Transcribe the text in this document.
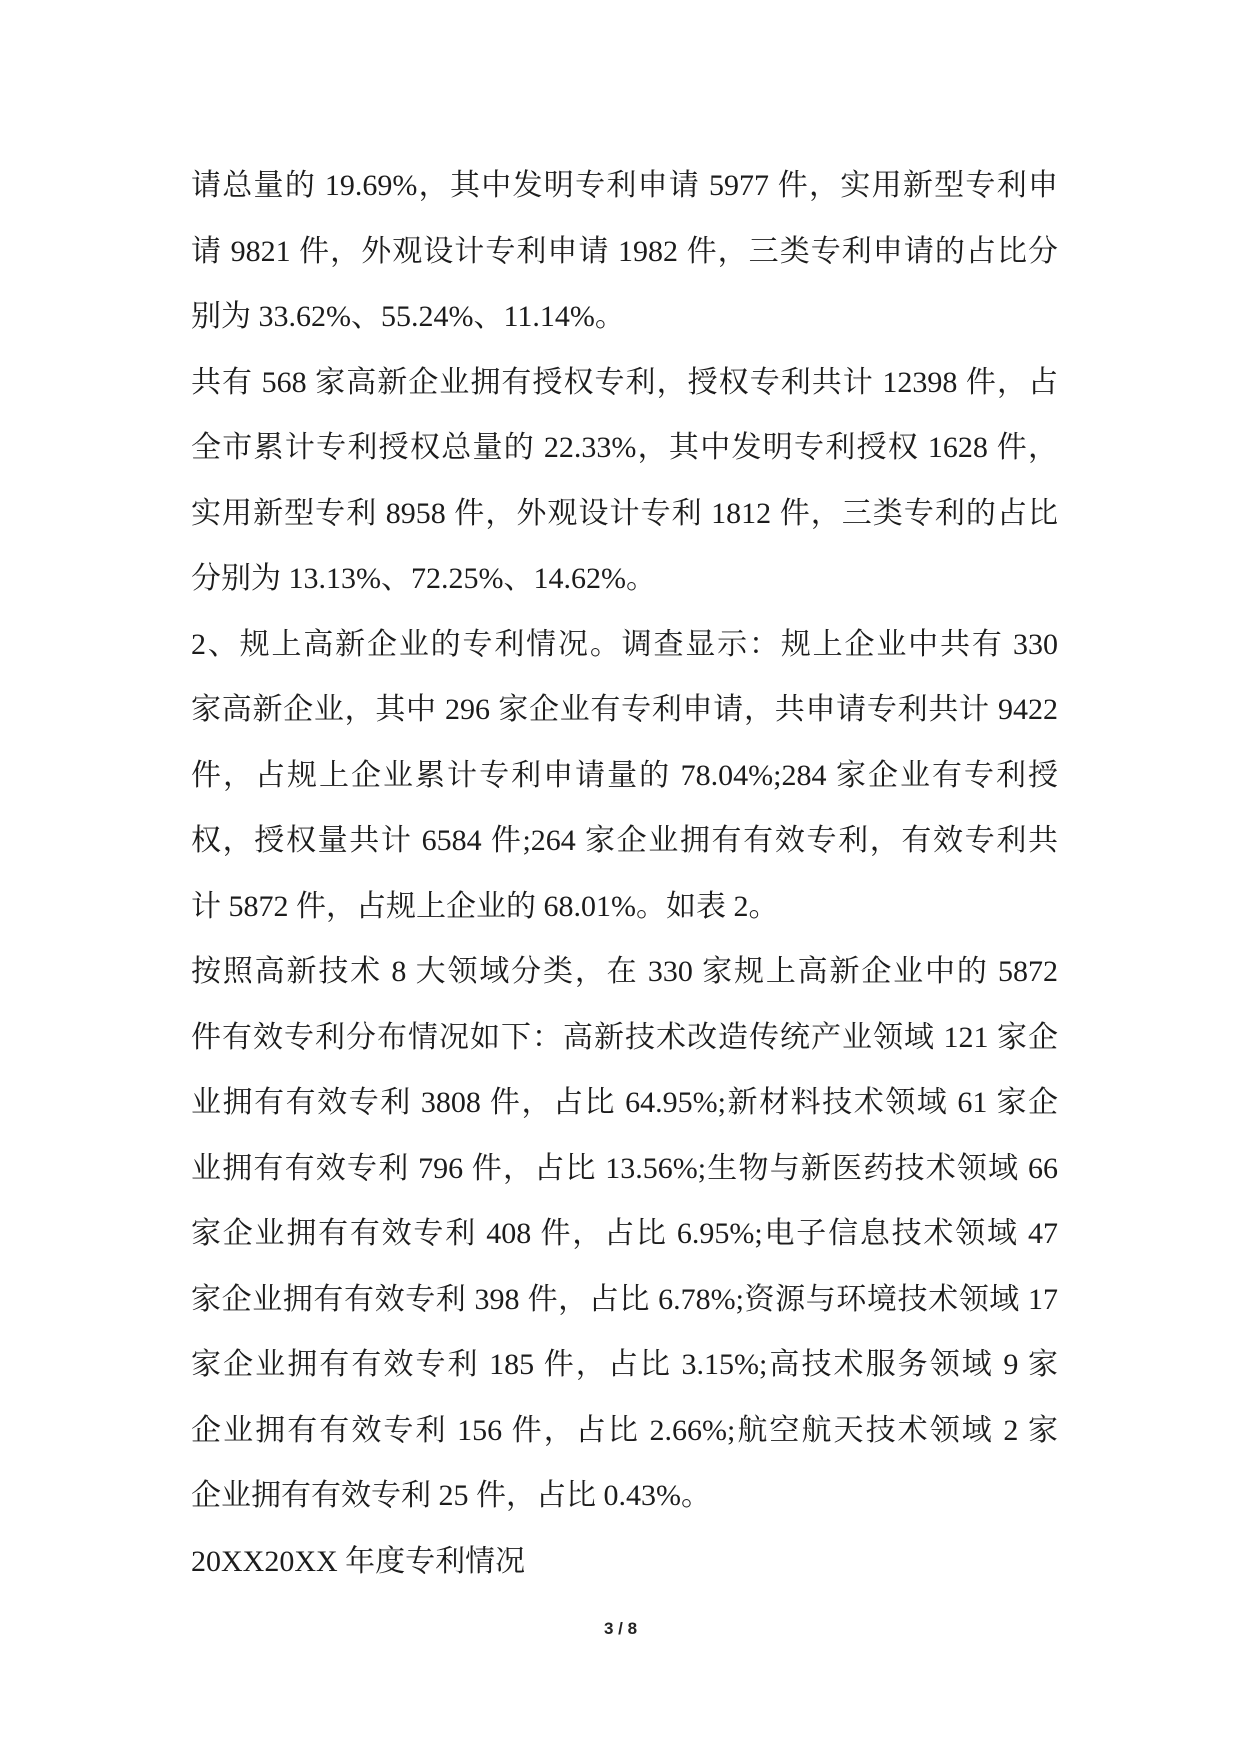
请总量的 19.69%，其中发明专利申请 5977 件，实用新型专利申
请 9821 件，外观设计专利申请 1982 件，三类专利申请的占比分
别为 33.62%、55.24%、11.14%。
共有 568 家高新企业拥有授权专利，授权专利共计 12398 件，占
全市累计专利授权总量的 22.33%，其中发明专利授权 1628 件，
实用新型专利 8958 件，外观设计专利 1812 件，三类专利的占比
分别为 13.13%、72.25%、14.62%。
2、规上高新企业的专利情况。调查显示：规上企业中共有 330
家高新企业，其中 296 家企业有专利申请，共申请专利共计 9422
件，占规上企业累计专利申请量的 78.04%;284 家企业有专利授
权，授权量共计 6584 件;264 家企业拥有有效专利，有效专利共
计 5872 件，占规上企业的 68.01%。如表 2。
按照高新技术 8 大领域分类，在 330 家规上高新企业中的 5872
件有效专利分布情况如下：高新技术改造传统产业领域 121 家企
业拥有有效专利 3808 件，占比 64.95%;新材料技术领域 61 家企
业拥有有效专利 796 件，占比 13.56%;生物与新医药技术领域 66
家企业拥有有效专利 408 件，占比 6.95%;电子信息技术领域 47
家企业拥有有效专利 398 件，占比 6.78%;资源与环境技术领域 17
家企业拥有有效专利 185 件，占比 3.15%;高技术服务领域 9 家
企业拥有有效专利 156 件，占比 2.66%;航空航天技术领域 2 家
企业拥有有效专利 25 件，占比 0.43%。
20XX20XX 年度专利情况
3 / 8
